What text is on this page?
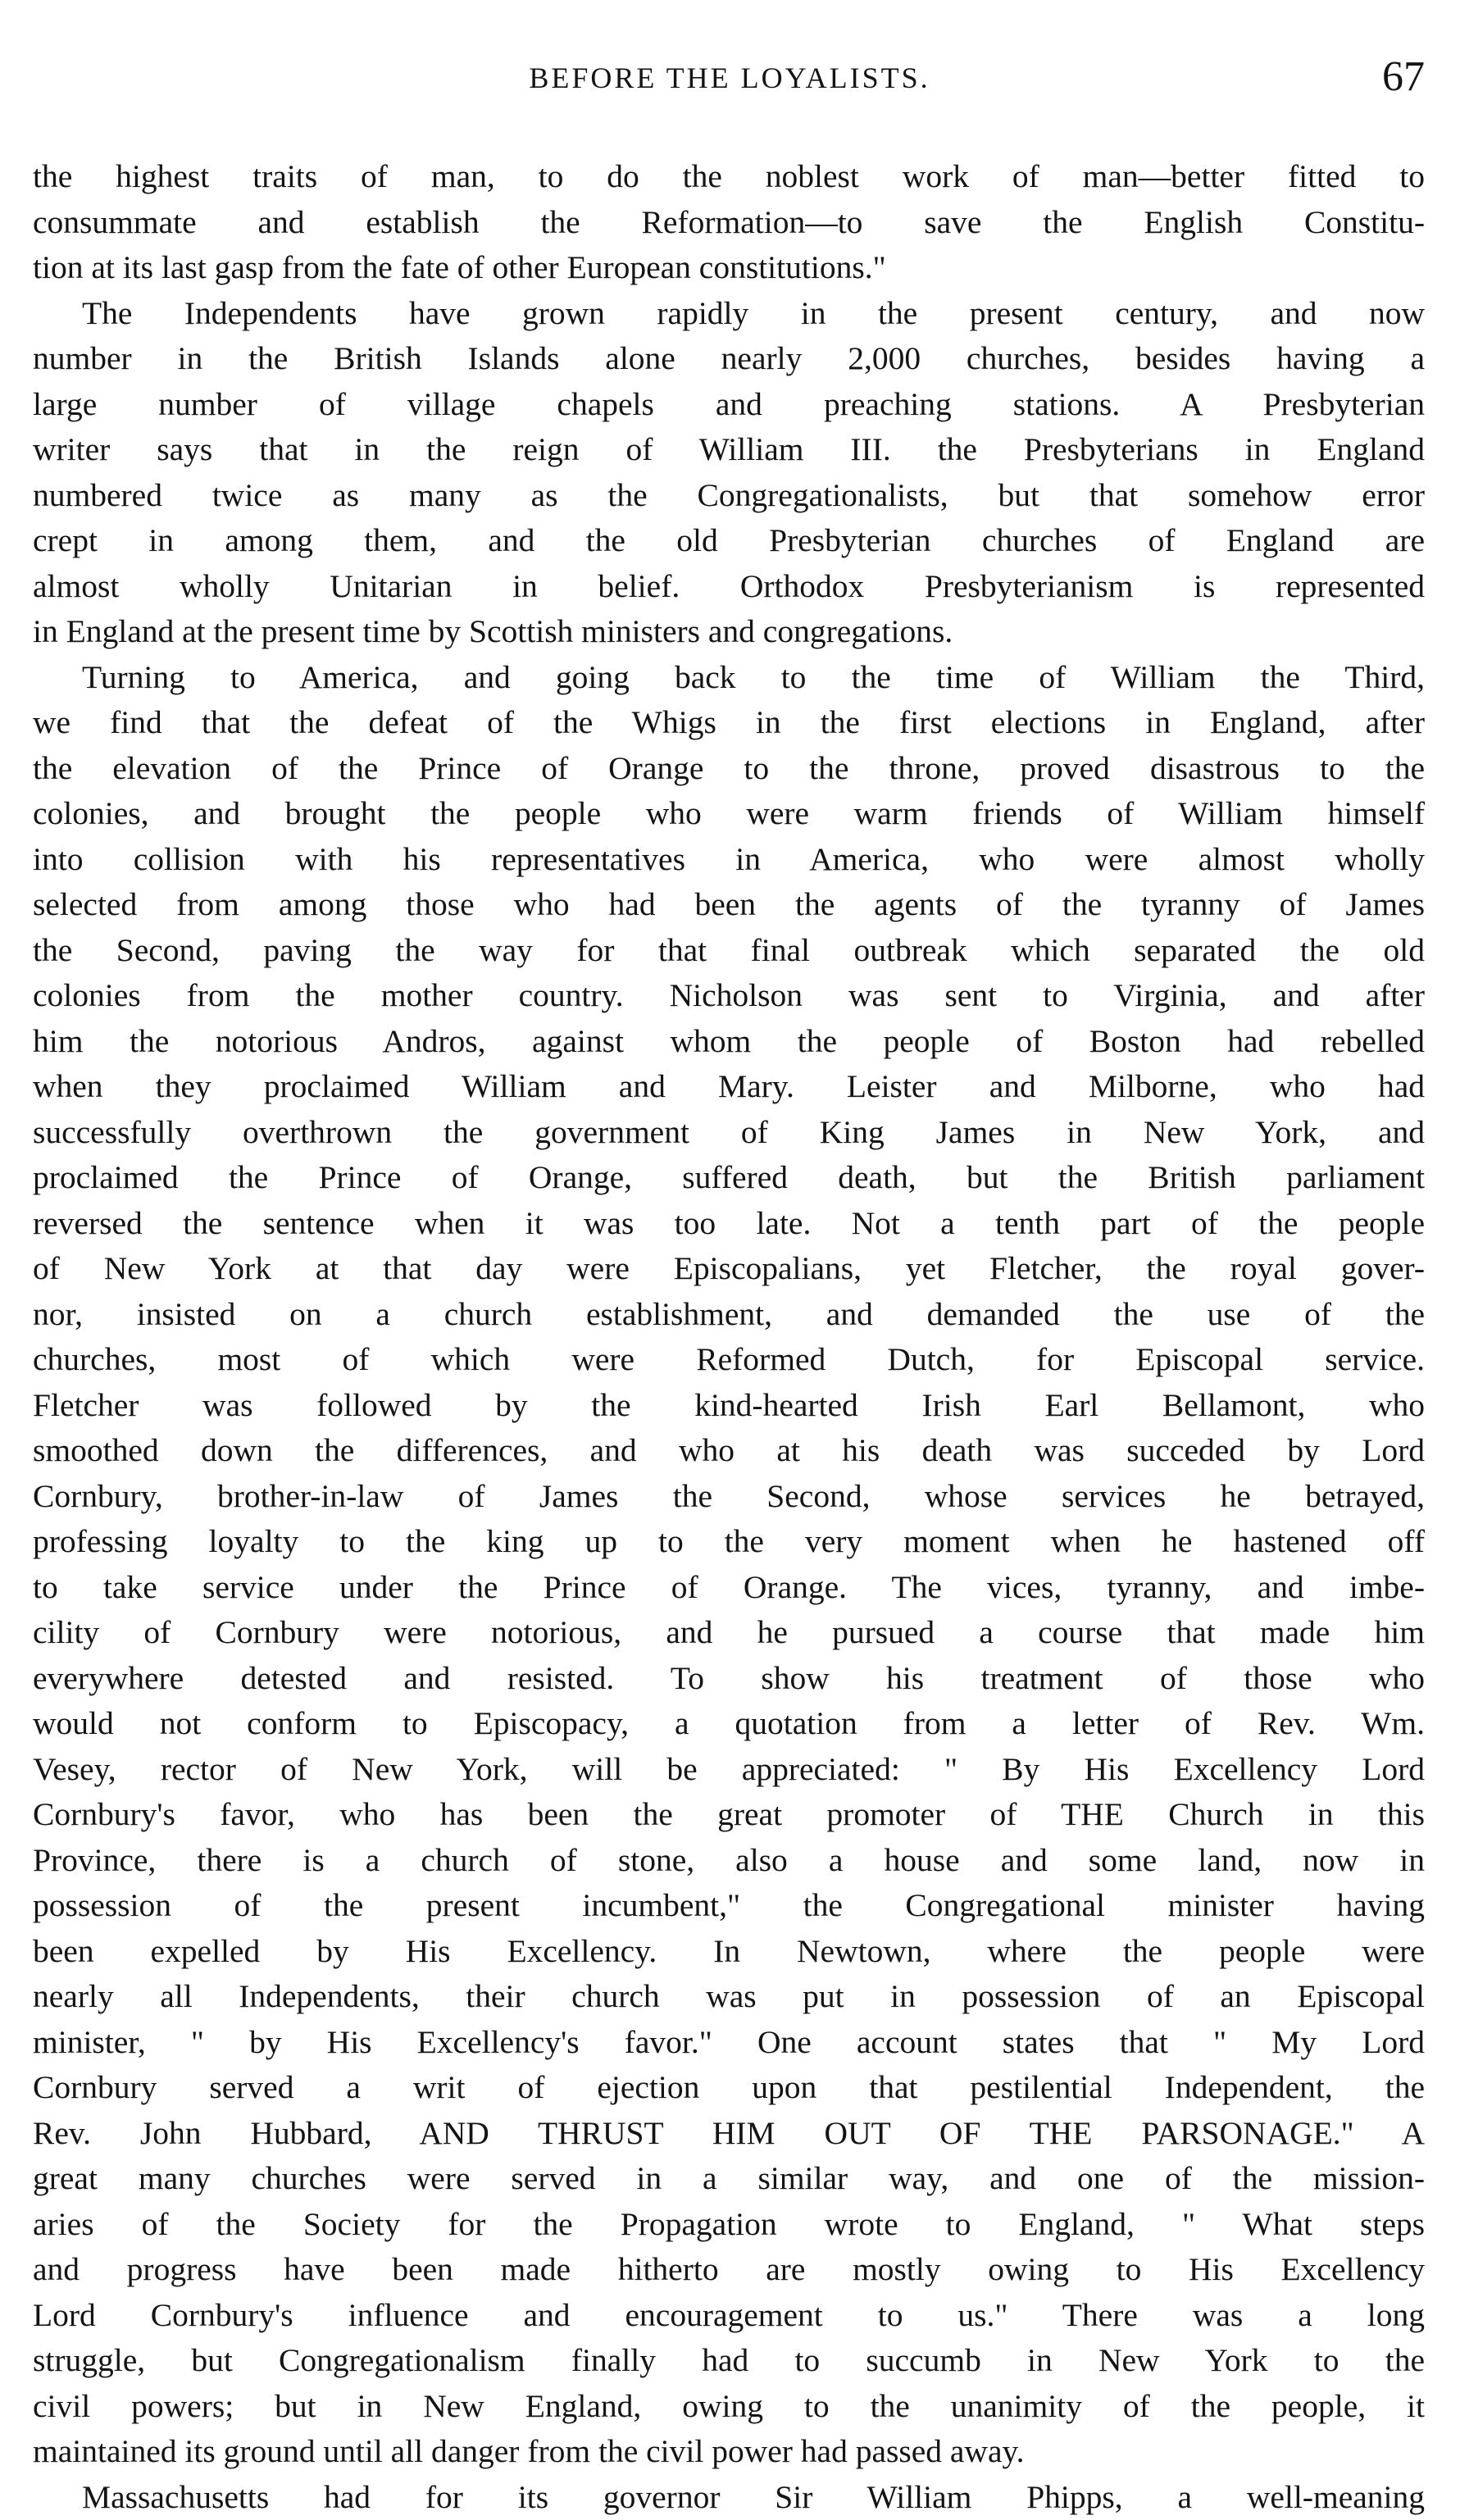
BEFORE THE LOYALISTS.	67
the highest traits of man, to do the noblest work of man—better fitted to
consummate and establish the Reformation—to save the English Constitu-
tion at its last gasp from the fate of other European constitutions."
The Independents have grown rapidly in the present century, and now
number in the British Islands alone nearly 2,000 churches, besides having a
large number of village chapels and preaching stations. A Presbyterian
writer says that in the reign of William III. the Presbyterians in England
numbered twice as many as the Congregationalists, but that somehow error
crept in among them, and the old Presbyterian churches of England are
almost wholly Unitarian in belief. Orthodox Presbyterianism is represented
in England at the present time by Scottish ministers and congregations.
Turning to America, and going back to the time of William the Third,
we find that the defeat of the Whigs in the first elections in England, after
the elevation of the Prince of Orange to the throne, proved disastrous to the
colonies, and brought the people who were warm friends of William himself
into collision with his representatives in America, who were almost wholly
selected from among those who had been the agents of the tyranny of James
the Second, paving the way for that final outbreak which separated the old
colonies from the mother country. Nicholson was sent to Virginia, and after
him the notorious Andros, against whom the people of Boston had rebelled
when they proclaimed William and Mary. Leister and Milborne, who had
successfully overthrown the government of King James in New York, and
proclaimed the Prince of Orange, suffered death, but the British parliament
reversed the sentence when it was too late. Not a tenth part of the people
of New York at that day were Episcopalians, yet Fletcher, the royal gover-
nor, insisted on a church establishment, and demanded the use of the
churches, most of which were Reformed Dutch, for Episcopal service.
Fletcher was followed by the kind-hearted Irish Earl Bellamont, who
smoothed down the differences, and who at his death was succeded by Lord
Cornbury, brother-in-law of James the Second, whose services he betrayed,
professing loyalty to the king up to the very moment when he hastened off
to take service under the Prince of Orange. The vices, tyranny, and imbe-
cility of Cornbury were notorious, and he pursued a course that made him
everywhere detested and resisted. To show his treatment of those who
would not conform to Episcopacy, a quotation from a letter of Rev. Wm.
Vesey, rector of New York, will be appreciated: " By His Excellency Lord
Cornbury's favor, who has been the great promoter of THE Church in this
Province, there is a church of stone, also a house and some land, now in
possession of the present incumbent," the Congregational minister having
been expelled by His Excellency. In Newtown, where the people were
nearly all Independents, their church was put in possession of an Episcopal
minister, " by His Excellency's favor." One account states that " My Lord
Cornbury served a writ of ejection upon that pestilential Independent, the
Rev. John Hubbard, AND THRUST HIM OUT OF THE PARSONAGE." A
great many churches were served in a similar way, and one of the mission-
aries of the Society for the Propagation wrote to England, " What steps
and progress have been made hitherto are mostly owing to His Excellency
Lord Cornbury's influence and encouragement to us." There was a long
struggle, but Congregationalism finally had to succumb in New York to the
civil powers; but in New England, owing to the unanimity of the people, it
maintained its ground until all danger from the civil power had passed away.
Massachusetts had for its governor Sir William Phipps, a well-meaning
